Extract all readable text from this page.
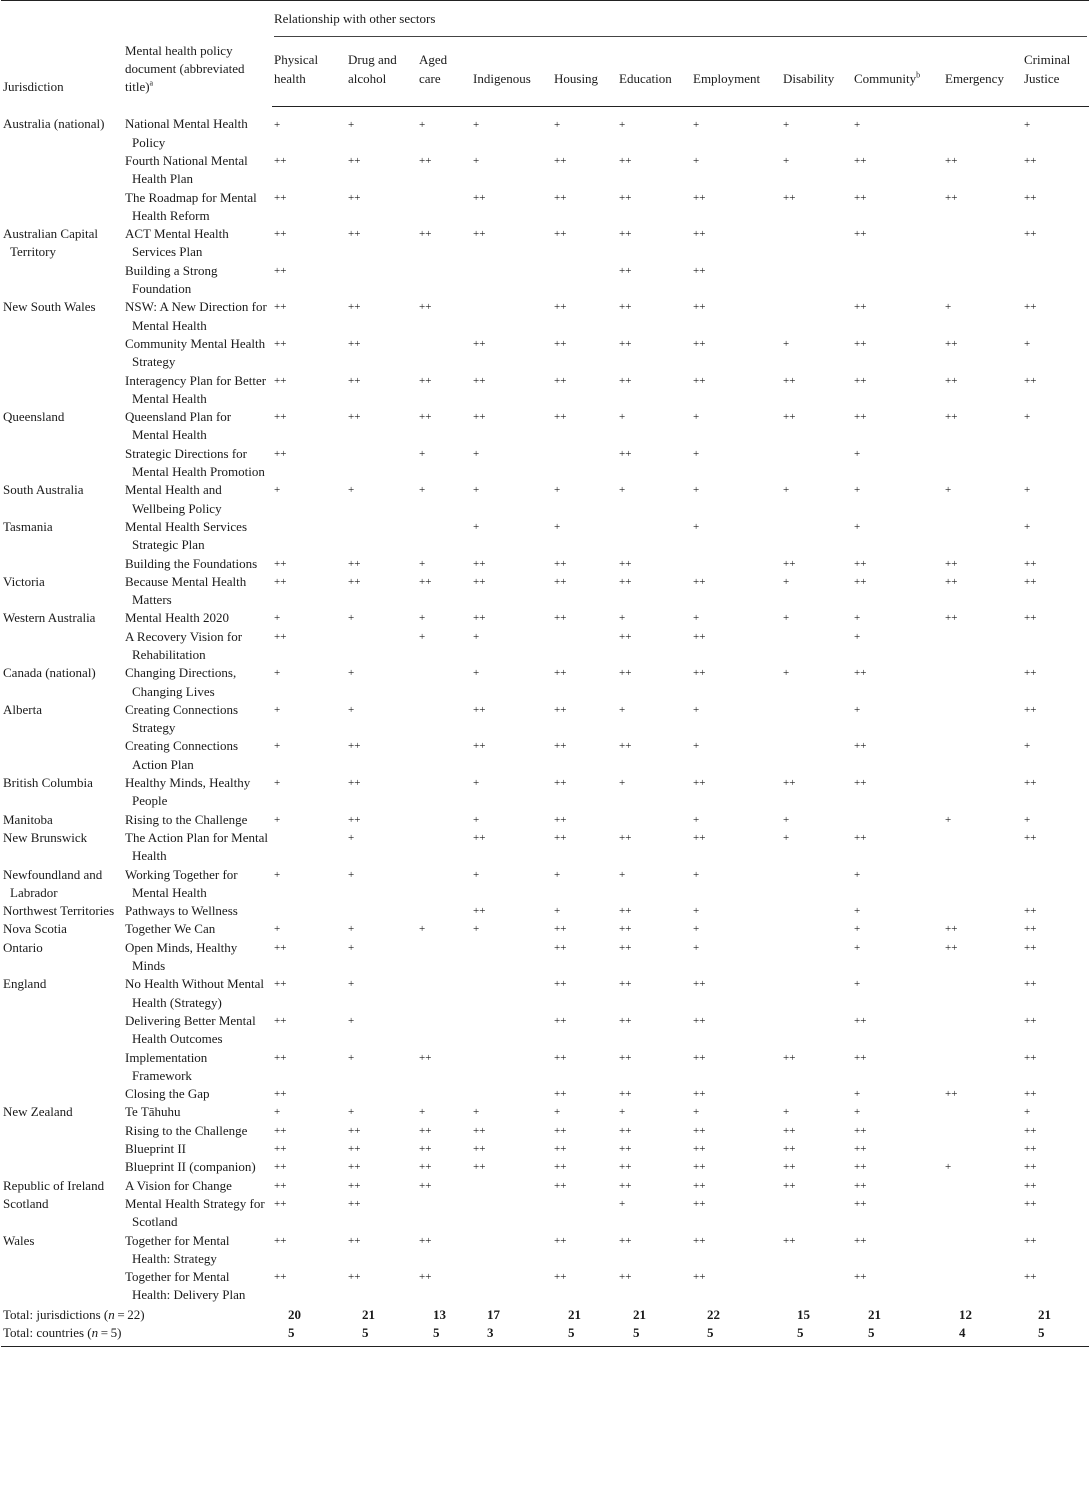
Jurisdiction	Mental health policy document (abbreviated title)$^a$	Relationship with other sectors										

		Physical health	Drug and alcohol	Aged care	Indigenous	Housing	Education	Employment	Disability	Community$^b$	Emergency	Criminal Justice
Australia (national)	National Mental Health Policy	+	+	+	+	+	+	+	+	+		+
	Fourth National Mental Health Plan	++	++	++	+	++	++	+	+	++	++	++
	The Roadmap for Mental Health Reform	++	++		++	++	++	++	++	++	++	++
Australian Capital Territory	ACT Mental Health Services Plan	++	++	++	++	++	++	++		++		++
	Building a Strong Foundation	++					++	++				
New South Wales	NSW: A New Direction for Mental Health	++	++	++		++	++	++		++	+	++
	Community Mental Health Strategy	++	++		++	++	++	++	+	++	++	+
	Interagency Plan for Better Mental Health	++	++	++	++	++	++	++	++	++	++	++
Queensland	Queensland Plan for Mental Health	++	++	++	++	++	+	+	++	++	++	+
	Strategic Directions for Mental Health Promotion	++		+	+		++	+		+		
South Australia	Mental Health and Wellbeing Policy	+	+	+	+	+	+	+	+	+	+	+
Tasmania	Mental Health Services Strategic Plan				+	+		+		+		+
	Building the Foundations	++	++	+	++	++	++		++	++	++	++
Victoria	Because Mental Health Matters	++	++	++	++	++	++	++	+	++	++	++
Western Australia	Mental Health 2020	+	+	+	++	++	+	+	+	+	++	++
	A Recovery Vision for Rehabilitation	++		+	+		++	++		+		
Canada (national)	Changing Directions, Changing Lives	+	+		+	++	++	++	+	++		++
Alberta	Creating Connections Strategy	+	+		++	++	+	+		+		++
	Creating Connections Action Plan	+	++		++	++	++	+		++		+
British Columbia	Healthy Minds, Healthy People	+	++		+	++	+	++	++	++		++
Manitoba	Rising to the Challenge	+	++		+	++		+	+		+	+
New Brunswick	The Action Plan for Mental Health		+		++	++	++	++	+	++		++
Newfoundland and Labrador	Working Together for Mental Health	+	+		+	+	+	+		+		
Northwest Territories	Pathways to Wellness				++	+	++	+		+		++
Nova Scotia	Together We Can	+	+	+	+	++	++	+		+	++	++
Ontario	Open Minds, Healthy Minds	++	+			++	++	+		+	++	++
England	No Health Without Mental Health (Strategy)	++	+			++	++	++		+		++
	Delivering Better Mental Health Outcomes	++	+			++	++	++		++		++
	Implementation Framework	++	+	++		++	++	++	++	++		++
	Closing the Gap	++				++	++	++		+	++	++
New Zealand	Te Tāhuhu	+	+	+	+	+	+	+	+	+		+
	Rising to the Challenge	++	++	++	++	++	++	++	++	++		++
	Blueprint II	++	++	++	++	++	++	++	++	++		++
	Blueprint II (companion)	++	++	++	++	++	++	++	++	++	+	++
Republic of Ireland	A Vision for Change	++	++	++		++	++	++	++	++		++
Scotland	Mental Health Strategy for Scotland	++	++				+	++		++		++
Wales	Together for Mental Health: Strategy	++	++	++		++	++	++	++	++		++
	Together for Mental Health: Delivery Plan	++	++	++		++	++	++		++		++
Total: jurisdictions (n = 22)		20	21	13	17	21	21	22	15	21	12	21
Total: countries (n = 5)		5	5	5	3	5	5	5	5	5	4	5
